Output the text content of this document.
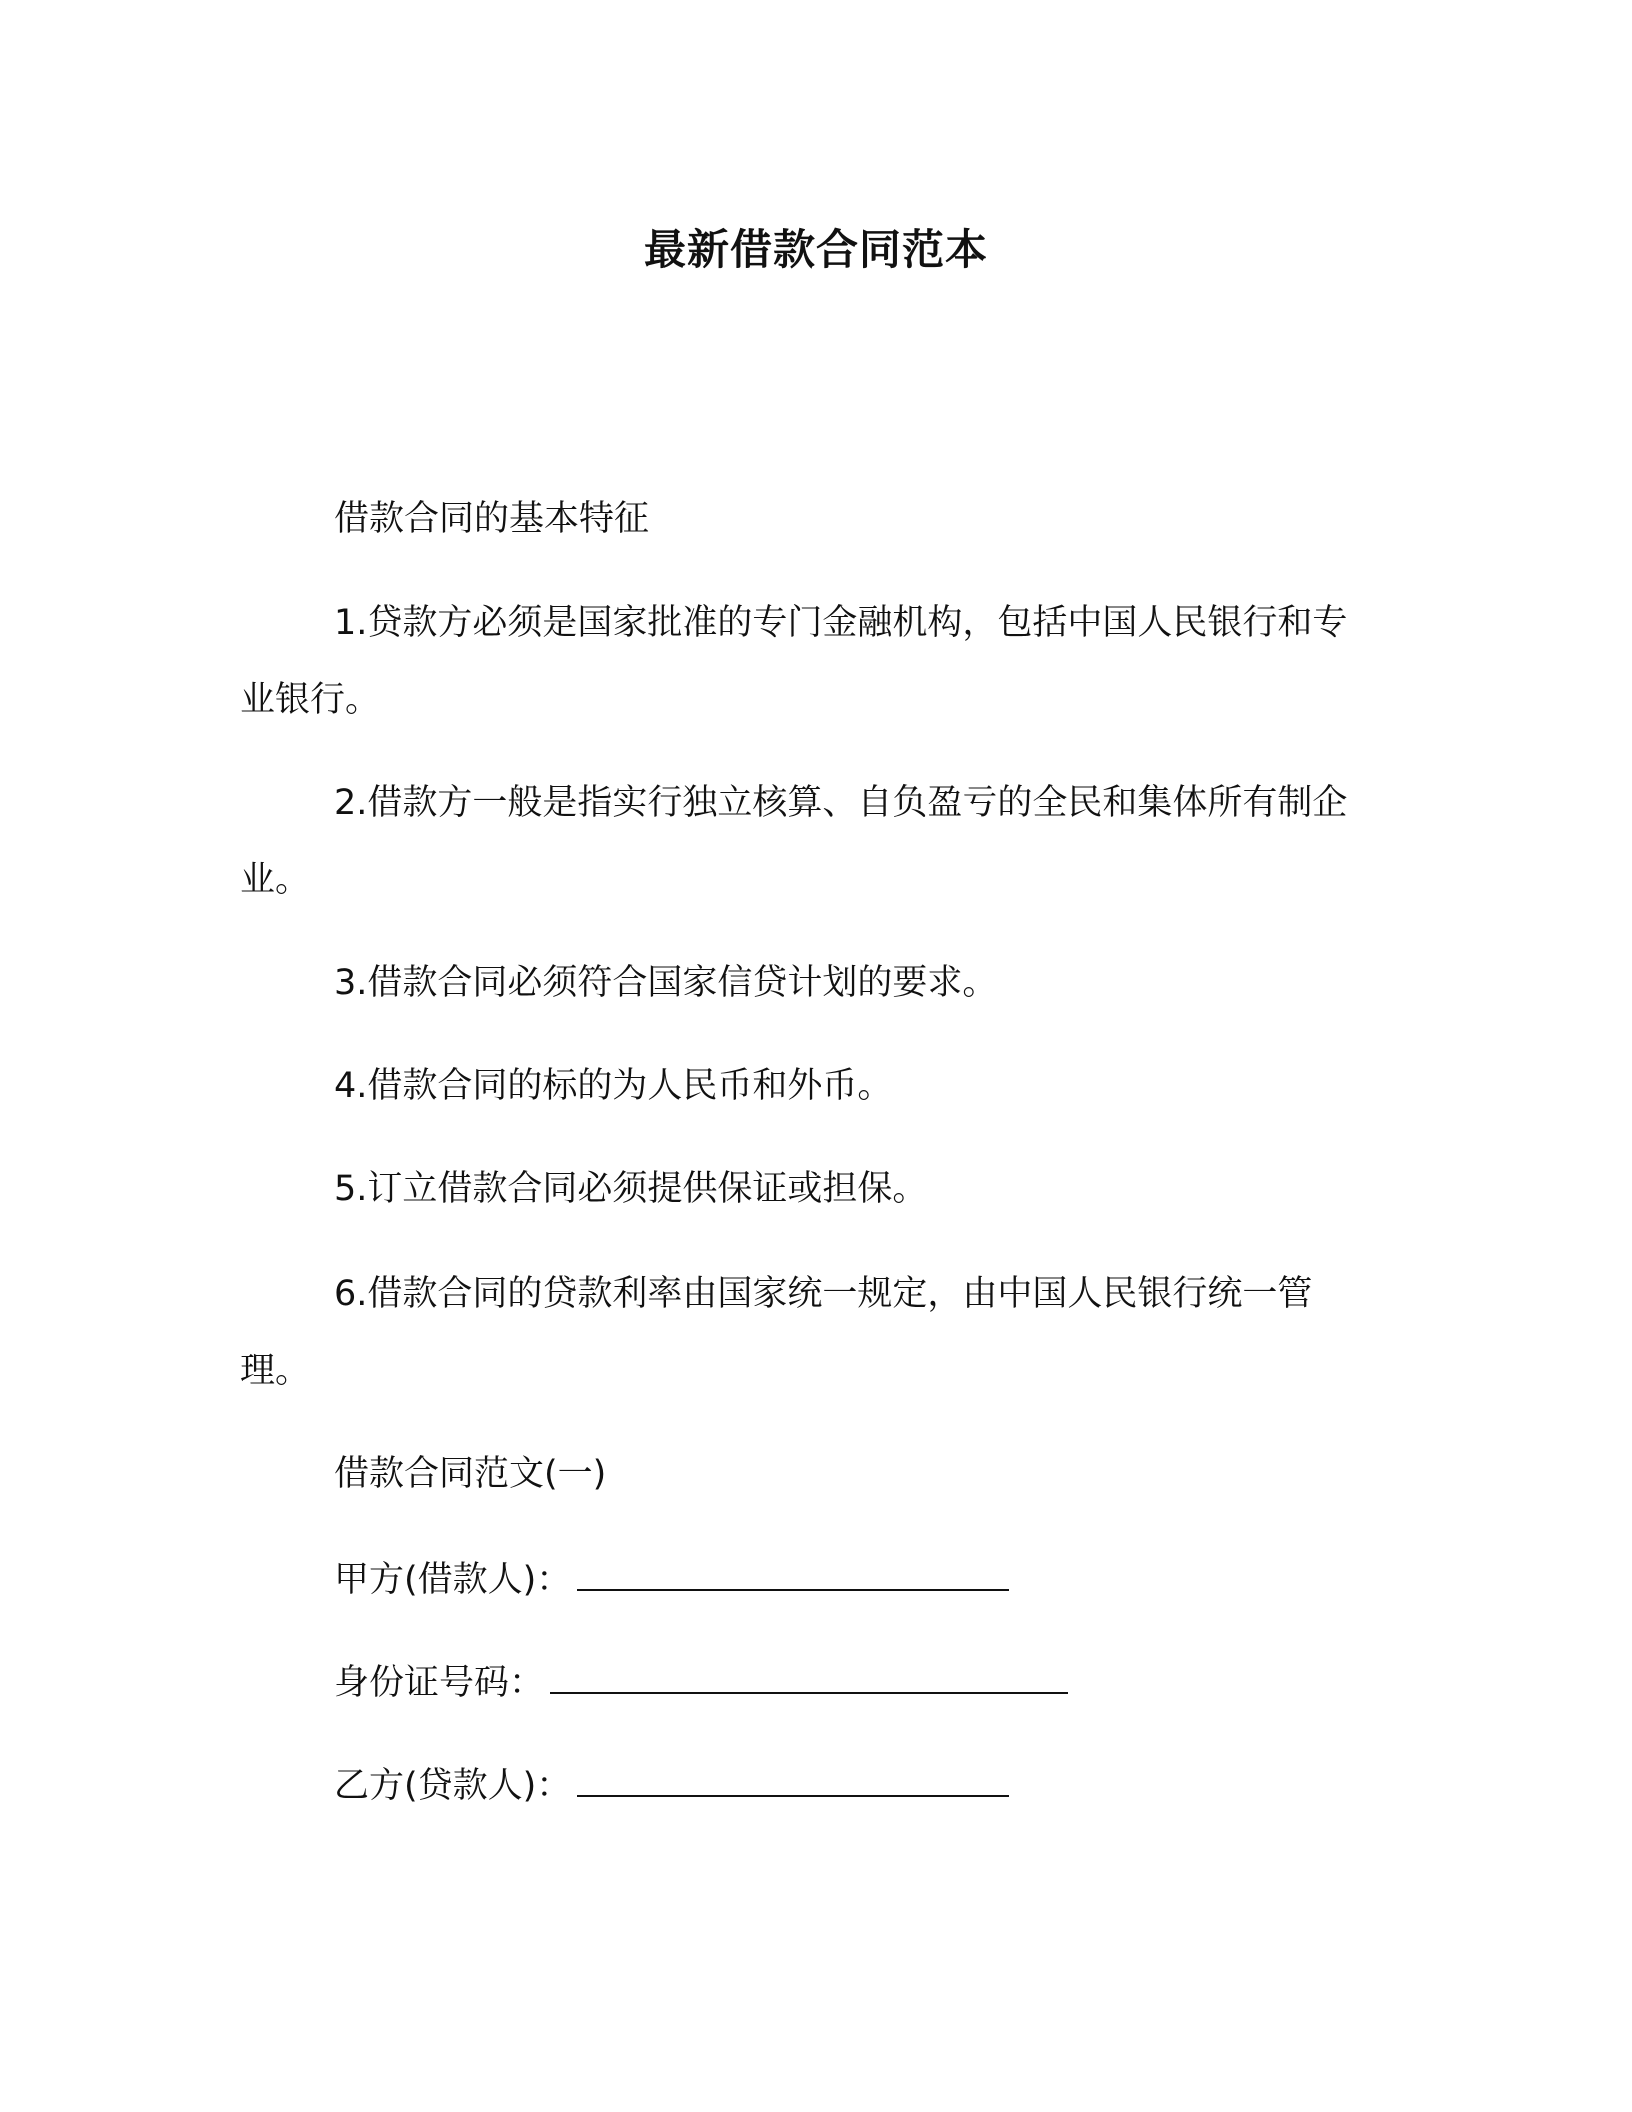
最新借款合同范本
借款合同的基本特征

1.贷款方必须是国家批准的专门金融机构，包括中国人民银行和专业银行。

2.借款方一般是指实行独立核算、自负盈亏的全民和集体所有制企业。

3.借款合同必须符合国家信贷计划的要求。
4.借款合同的标的为人民币和外币。
5.订立借款合同必须提供保证或担保。

6.借款合同的贷款利率由国家统一规定，由中国人民银行统一管理。

借款合同范文(一)
甲方(借款人)：
身份证号码：
乙方(贷款人)：
